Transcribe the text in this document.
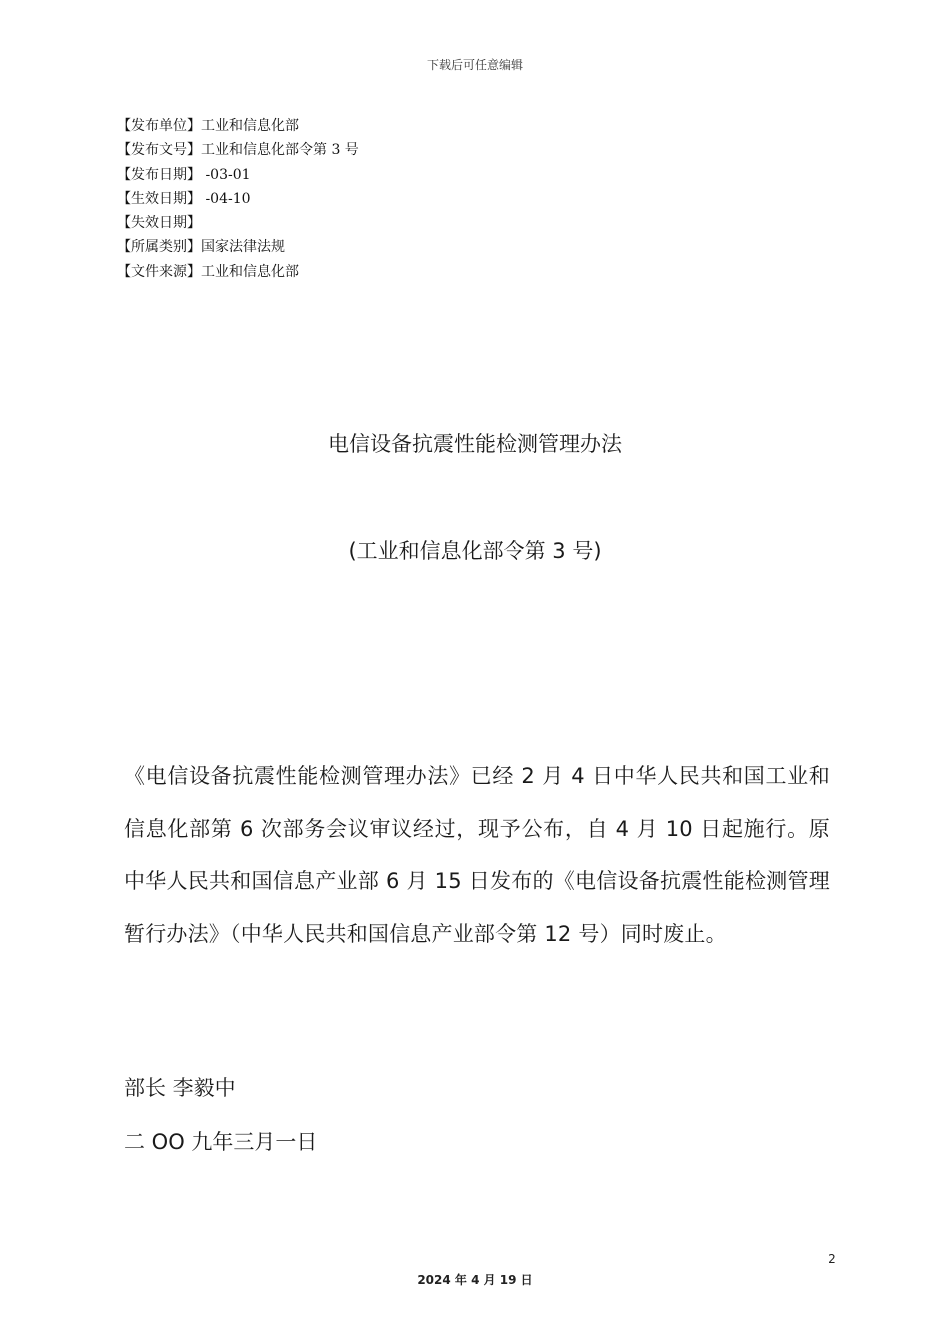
下载后可任意编辑
【发布单位】工业和信息化部
【发布文号】工业和信息化部令第 3 号
【发布日期】 -03-01
【生效日期】 -04-10
【失效日期】
【所属类别】国家法律法规
【文件来源】工业和信息化部
电信设备抗震性能检测管理办法
(工业和信息化部令第 3 号)
《电信设备抗震性能检测管理办法》已经 2 月 4 日中华人民共和国工业和信息化部第 6 次部务会议审议经过，现予公布，自 4 月 10 日起施行。原中华人民共和国信息产业部 6 月 15 日发布的《电信设备抗震性能检测管理暂行办法》（中华人民共和国信息产业部令第 12 号）同时废止。
部长 李毅中
二 OO 九年三月一日
2
2024 年 4 月 19 日
